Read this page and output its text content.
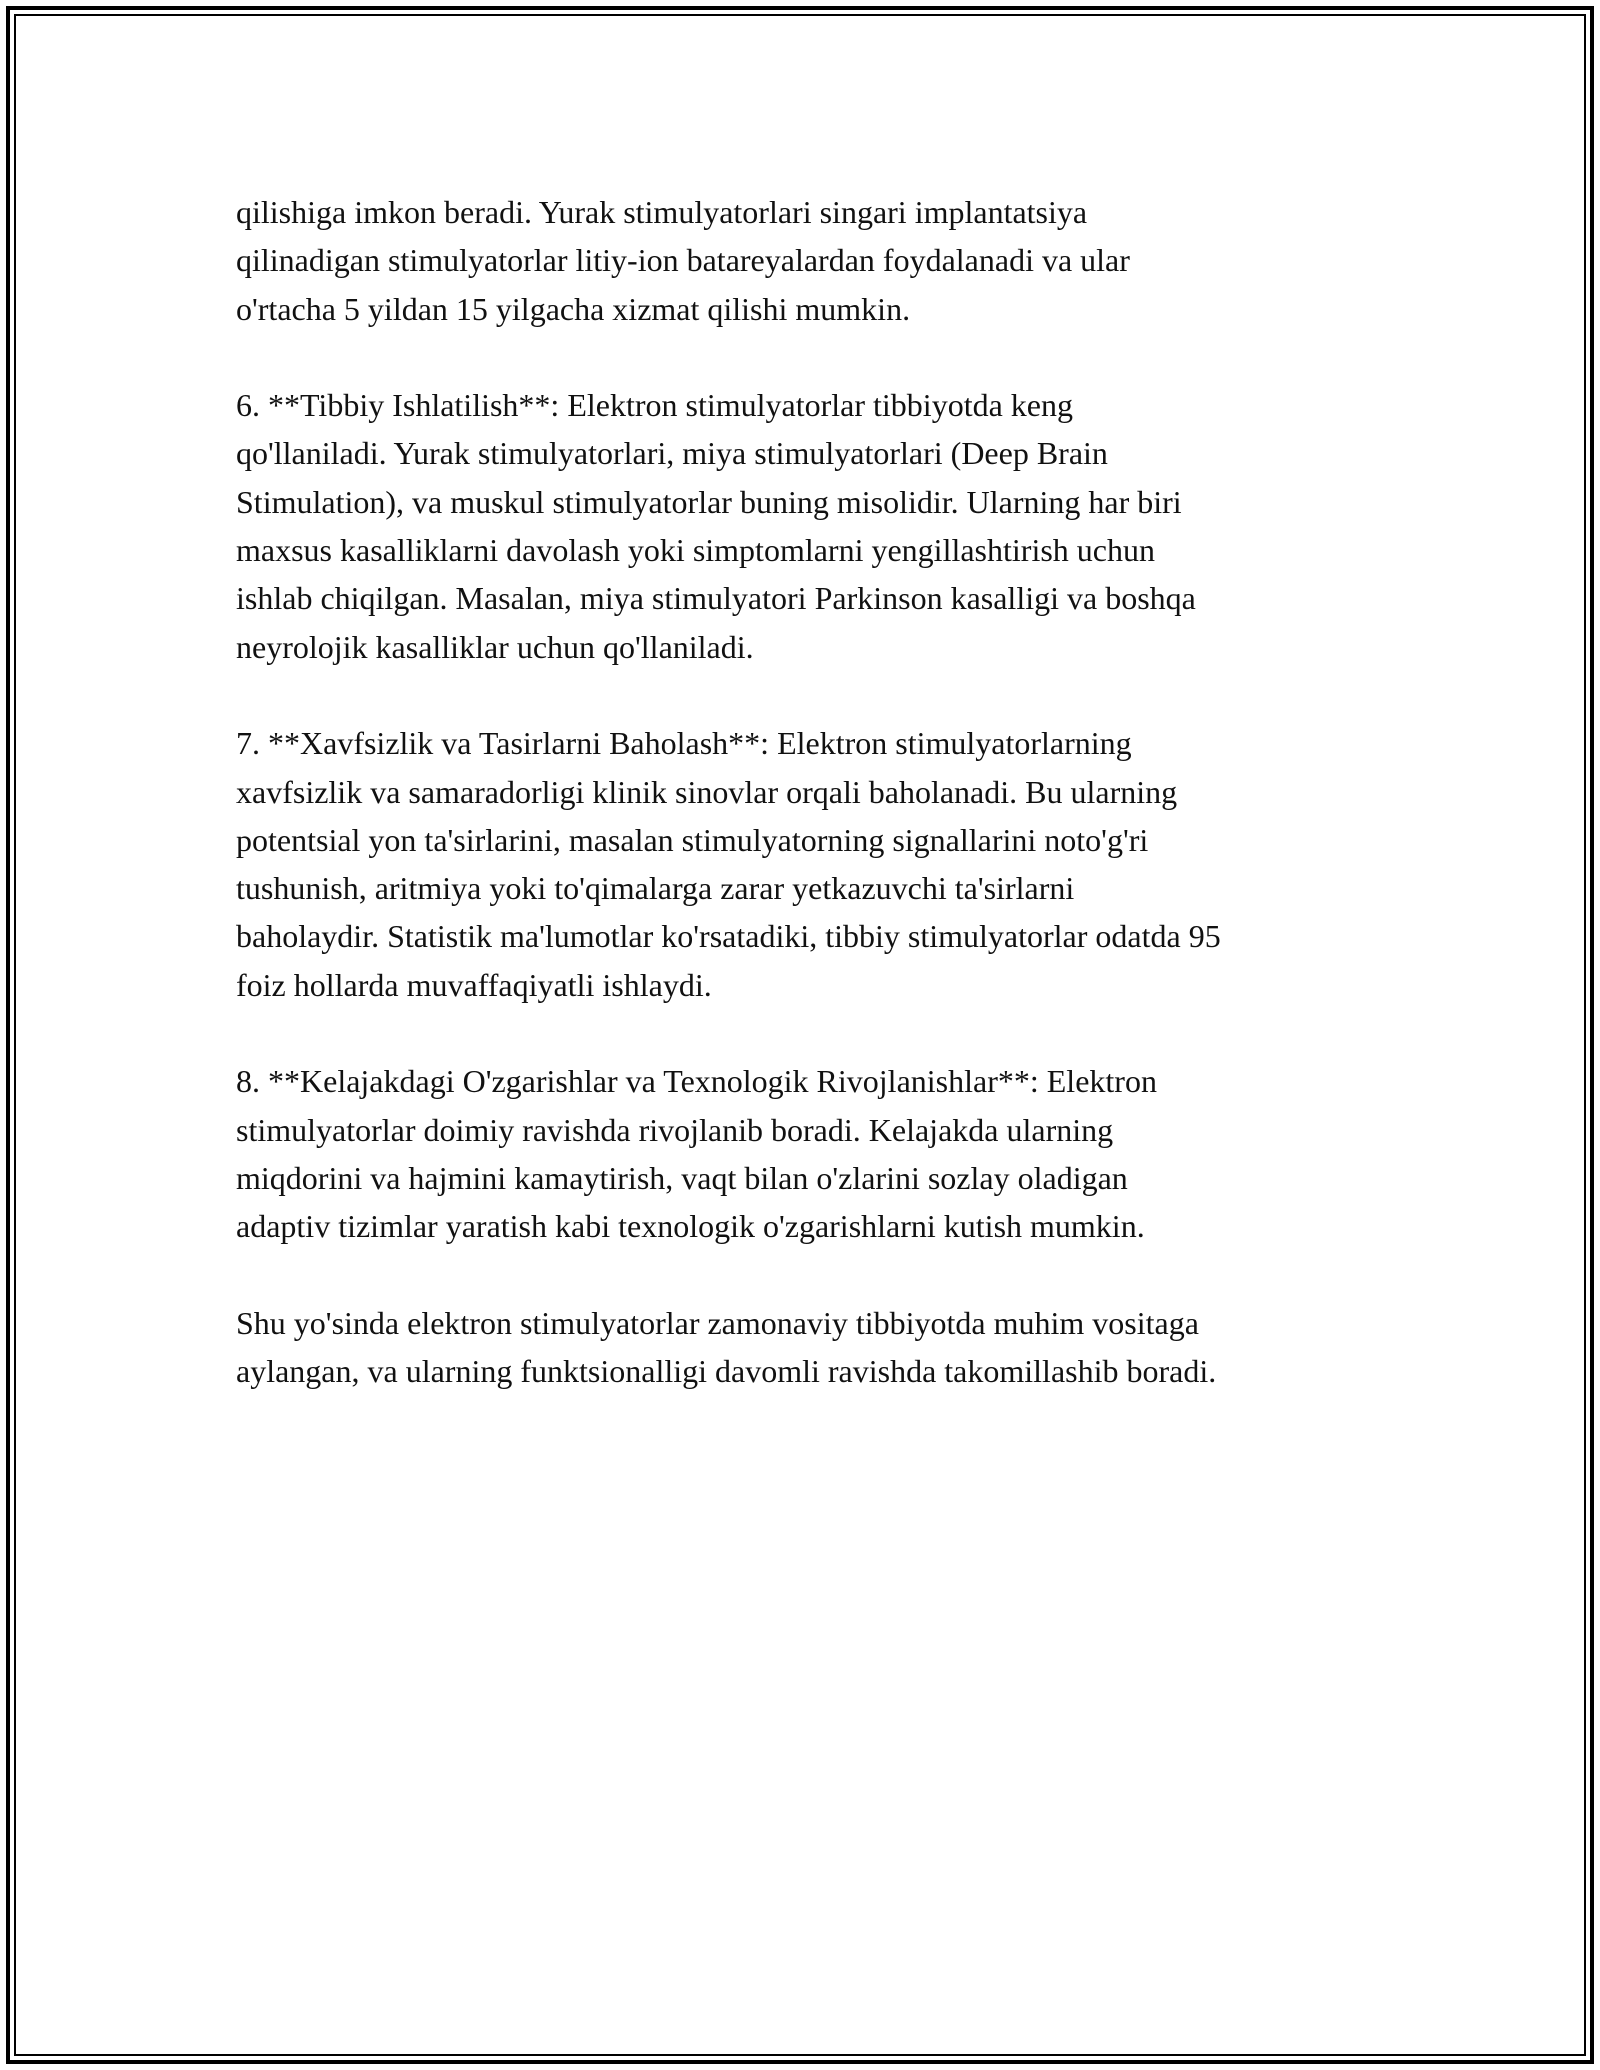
qilishiga imkon beradi. Yurak stimulyatorlari singari implantatsiya
qilinadigan stimulyatorlar litiy-ion batareyalardan foydalanadi va ular
o'rtacha 5 yildan 15 yilgacha xizmat qilishi mumkin.

6. **Tibbiy Ishlatilish**: Elektron stimulyatorlar tibbiyotda keng
qo'llaniladi. Yurak stimulyatorlari, miya stimulyatorlari (Deep Brain
Stimulation), va muskul stimulyatorlar buning misolidir. Ularning har biri
maxsus kasalliklarni davolash yoki simptomlarni yengillashtirish uchun
ishlab chiqilgan. Masalan, miya stimulyatori Parkinson kasalligi va boshqa
neyrolojik kasalliklar uchun qo'llaniladi.

7. **Xavfsizlik va Tasirlarni Baholash**: Elektron stimulyatorlarning
xavfsizlik va samaradorligi klinik sinovlar orqali baholanadi. Bu ularning
potentsial yon ta'sirlarini, masalan stimulyatorning signallarini noto'g'ri
tushunish, aritmiya yoki to'qimalarga zarar yetkazuvchi ta'sirlarni
baholaydir. Statistik ma'lumotlar ko'rsatadiki, tibbiy stimulyatorlar odatda 95
foiz hollarda muvaffaqiyatli ishlaydi.

8. **Kelajakdagi O'zgarishlar va Texnologik Rivojlanishlar**: Elektron
stimulyatorlar doimiy ravishda rivojlanib boradi. Kelajakda ularning
miqdorini va hajmini kamaytirish, vaqt bilan o'zlarini sozlay oladigan
adaptiv tizimlar yaratish kabi texnologik o'zgarishlarni kutish mumkin.

Shu yo'sinda elektron stimulyatorlar zamonaviy tibbiyotda muhim vositaga
aylangan, va ularning funktsionalligi davomli ravishda takomillashib boradi.
